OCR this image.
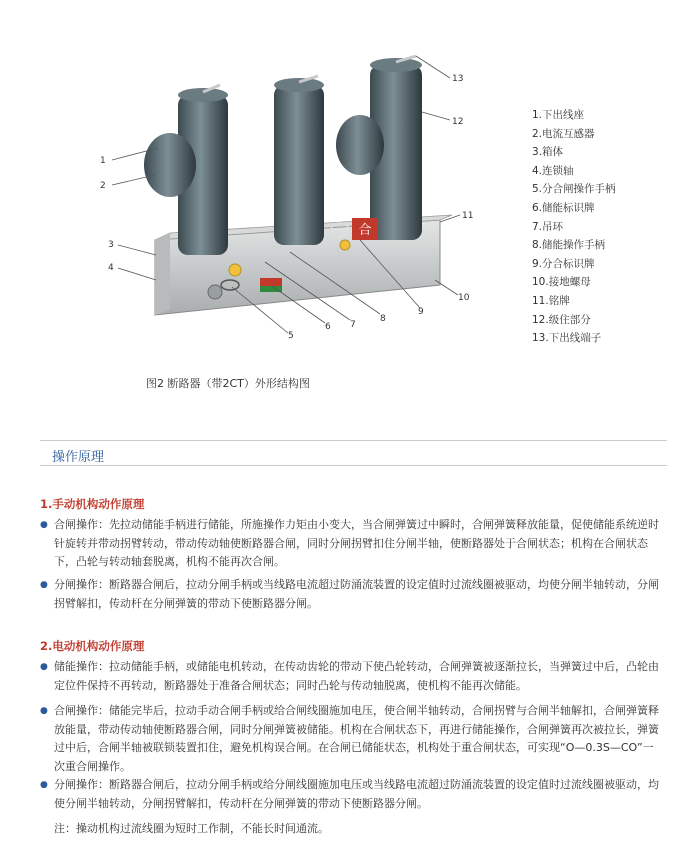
合
1
2
3
4
5
6 7
8
9
10
11
12
13
1.下出线座
2.电流互感器
3.箱体
4.连锁轴
5.分合闸操作手柄
6.储能标识牌
7.吊环
8.储能操作手柄
9.分合标识牌
10.接地螺母
11.铭牌
12.级住部分
13.下出线端子
图2 断路器（带2CT）外形结构图
操作原理
1.手动机构动作原理
● 合闸操作：先拉动储能手柄进行储能，所施操作力矩由小变大，当合闸弹簧过中瞬时，合闸弹簧释放能量，促使储能系统逆时针旋转并带动拐臂转动，带动传动轴使断路器合闸，同时分闸拐臂扣住分闸半轴，使断路器处于合闸状态；机构在合闸状态下，凸轮与转动轴套脱离，机构不能再次合闸。
● 分闸操作：断路器合闸后，拉动分闸手柄或当线路电流超过防涌流装置的设定值时过流线圈被驱动，均使分闸半轴转动，分闸拐臂解扣，传动杆在分闸弹簧的带动下使断路器分闸。
2.电动机构动作原理
● 储能操作：拉动储能手柄，或储能电机转动，在传动齿轮的带动下使凸轮转动，合闸弹簧被逐渐拉长，当弹簧过中后，凸轮由定位件保持不再转动，断路器处于准备合闸状态；同时凸轮与传动轴脱离，使机构不能再次储能。
● 合闸操作：储能完毕后，拉动手动合闸手柄或给合闸线圈施加电压，使合闸半轴转动，合闸拐臂与合闸半轴解扣，合闸弹簧释放能量，带动传动轴使断路器合闸，同时分闸弹簧被储能。机构在合闸状态下，再进行储能操作，合闸弹簧再次被拉长，弹簧过中后，合闸半轴被联锁装置扣住，避免机构误合闸。在合闸已储能状态，机构处于重合闸状态，可实现“O—0.3S—CO”一次重合闸操作。
● 分闸操作：断路器合闸后，拉动分闸手柄或给分闸线圈施加电压或当线路电流超过防涌流装置的设定值时过流线圈被驱动，均使分闸半轴转动，分闸拐臂解扣，传动杆在分闸弹簧的带动下使断路器分闸。
注：操动机构过流线圈为短时工作制，不能长时间通流。
